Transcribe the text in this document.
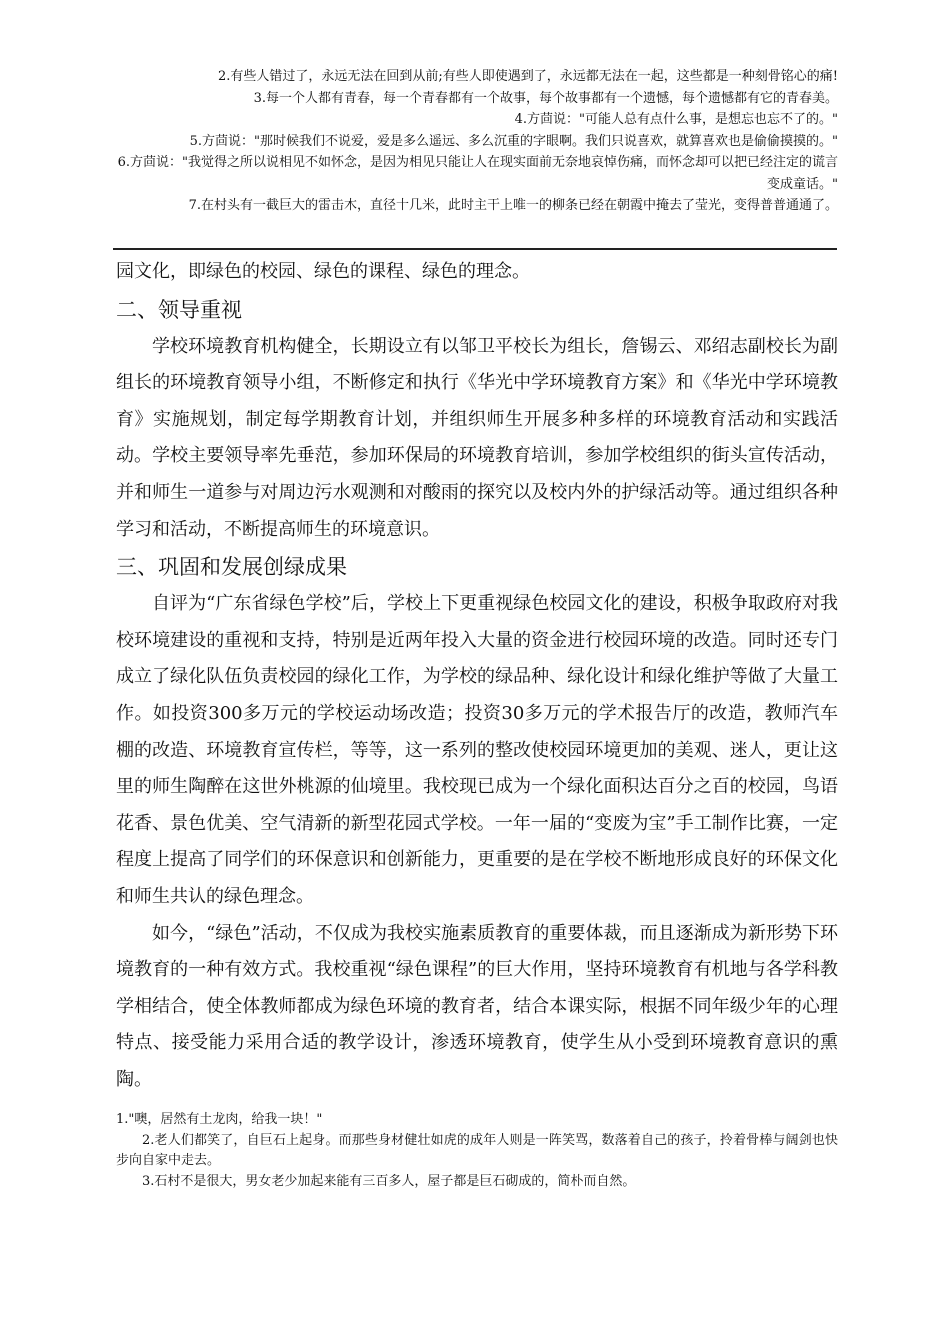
2.有些人错过了，永远无法在回到从前;有些人即使遇到了，永远都无法在一起，这些都是一种刻骨铭心的痛!

3.每一个人都有青春，每一个青春都有一个故事，每个故事都有一个遗憾，每个遗憾都有它的青春美。

4.方茴说："可能人总有点什么事，是想忘也忘不了的。"

5.方茴说："那时候我们不说爱，爱是多么遥远、多么沉重的字眼啊。我们只说喜欢，就算喜欢也是偷偷摸摸的。"

6.方茴说："我觉得之所以说相见不如怀念，是因为相见只能让人在现实面前无奈地哀悼伤痛，而怀念却可以把已经注定的谎言变成童话。"

7.在村头有一截巨大的雷击木，直径十几米，此时主干上唯一的柳条已经在朝霞中掩去了莹光，变得普普通通了。

园文化，即绿色的校园、绿色的课程、绿色的理念。

二、领导重视

学校环境教育机构健全，长期设立有以邹卫平校长为组长，詹锡云、邓绍志副校长为副组长的环境教育领导小组，不断修定和执行《华光中学环境教育方案》和《华光中学环境教育》实施规划，制定每学期教育计划，并组织师生开展多种多样的环境教育活动和实践活动。学校主要领导率先垂范，参加环保局的环境教育培训，参加学校组织的街头宣传活动，并和师生一道参与对周边污水观测和对酸雨的探究以及校内外的护绿活动等。通过组织各种学习和活动，不断提高师生的环境意识。

三、巩固和发展创绿成果

自评为“广东省绿色学校”后，学校上下更重视绿色校园文化的建设，积极争取政府对我校环境建设的重视和支持，特别是近两年投入大量的资金进行校园环境的改造。同时还专门成立了绿化队伍负责校园的绿化工作，为学校的绿品种、绿化设计和绿化维护等做了大量工作。如投资300多万元的学校运动场改造；投资30多万元的学术报告厅的改造，教师汽车棚的改造、环境教育宣传栏，等等，这一系列的整改使校园环境更加的美观、迷人，更让这里的师生陶醉在这世外桃源的仙境里。我校现已成为一个绿化面积达百分之百的校园，鸟语花香、景色优美、空气清新的新型花园式学校。一年一届的“变废为宝”手工制作比赛，一定程度上提高了同学们的环保意识和创新能力，更重要的是在学校不断地形成良好的环保文化和师生共认的绿色理念。

如今，“绿色”活动，不仅成为我校实施素质教育的重要体裁，而且逐渐成为新形势下环境教育的一种有效方式。我校重视“绿色课程”的巨大作用，坚持环境教育有机地与各学科教学相结合，使全体教师都成为绿色环境的教育者，结合本课实际，根据不同年级少年的心理特点、接受能力采用合适的教学设计，渗透环境教育，使学生从小受到环境教育意识的熏陶。

1."噢，居然有土龙肉，给我一块！"

2.老人们都笑了，自巨石上起身。而那些身材健壮如虎的成年人则是一阵笑骂，数落着自己的孩子，拎着骨棒与阔剑也快步向自家中走去。

3.石村不是很大，男女老少加起来能有三百多人，屋子都是巨石砌成的，简朴而自然。
